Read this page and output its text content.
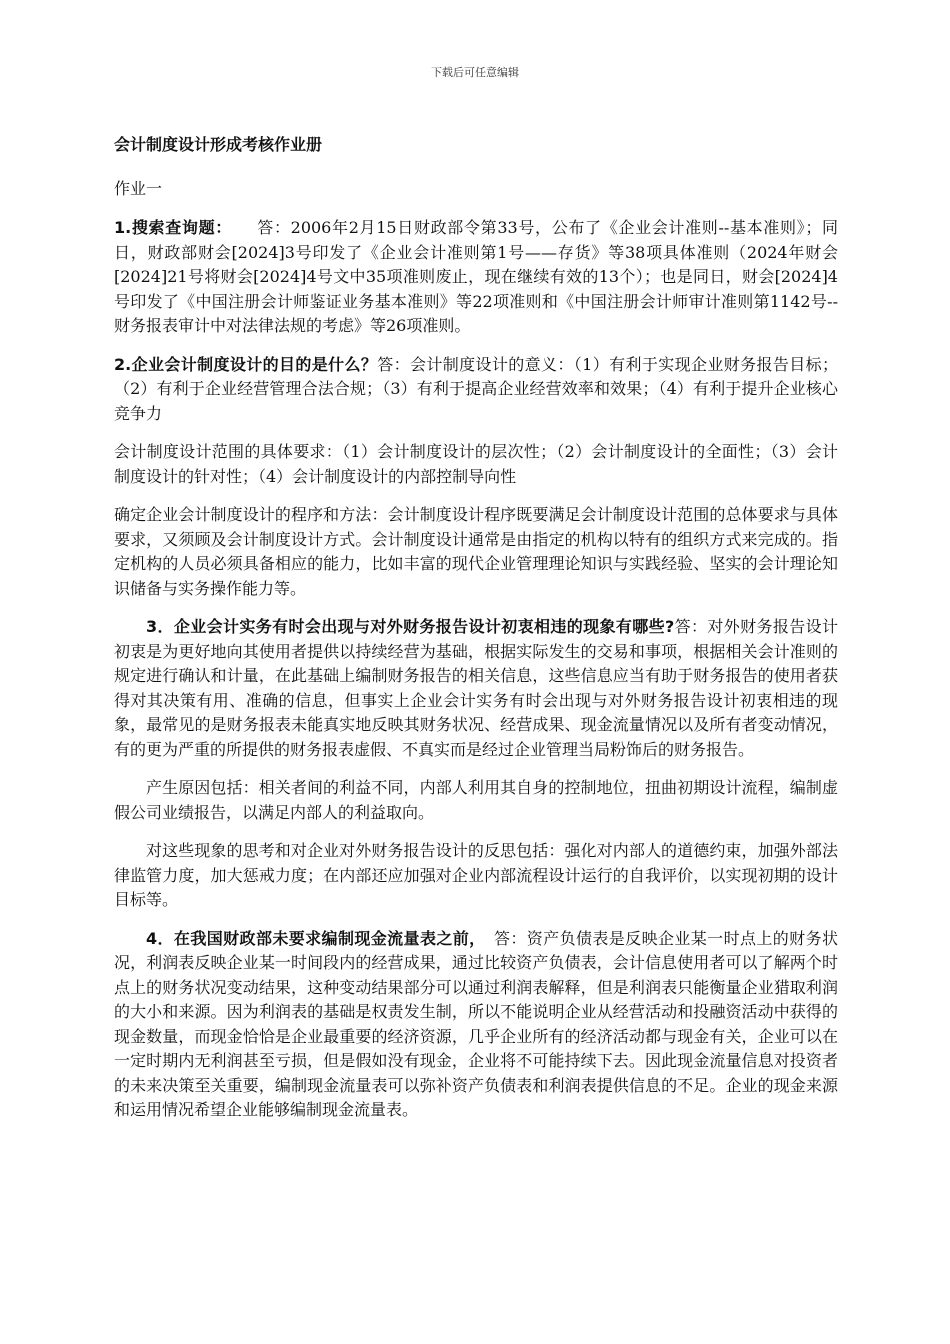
下载后可任意编辑
会计制度设计形成考核作业册
作业一

1.搜索查询题：　　答：2006年2月15日财政部令第33号，公布了《企业会计准则--基本准则》；同日，财政部财会[2024]3号印发了《企业会计准则第1号——存货》等38项具体准则（2024年财会[2024]21号将财会[2024]4号文中35项准则废止，现在继续有效的13个）；也是同日，财会[2024]4号印发了《中国注册会计师鉴证业务基本准则》等22项准则和《中国注册会计师审计准则第1142号--财务报表审计中对法律法规的考虑》等26项准则。

2.企业会计制度设计的目的是什么？答：会计制度设计的意义：（1）有利于实现企业财务报告目标；（2）有利于企业经营管理合法合规；（3）有利于提高企业经营效率和效果；（4）有利于提升企业核心竞争力

会计制度设计范围的具体要求：（1）会计制度设计的层次性；（2）会计制度设计的全面性；（3）会计制度设计的针对性；（4）会计制度设计的内部控制导向性

确定企业会计制度设计的程序和方法：会计制度设计程序既要满足会计制度设计范围的总体要求与具体要求，又须顾及会计制度设计方式。会计制度设计通常是由指定的机构以特有的组织方式来完成的。指定机构的人员必须具备相应的能力，比如丰富的现代企业管理理论知识与实践经验、坚实的会计理论知识储备与实务操作能力等。

3．企业会计实务有时会出现与对外财务报告设计初衷相违的现象有哪些?答：对外财务报告设计初衷是为更好地向其使用者提供以持续经营为基础，根据实际发生的交易和事项，根据相关会计准则的规定进行确认和计量，在此基础上编制财务报告的相关信息，这些信息应当有助于财务报告的使用者获得对其决策有用、准确的信息，但事实上企业会计实务有时会出现与对外财务报告设计初衷相违的现象，最常见的是财务报表未能真实地反映其财务状况、经营成果、现金流量情况以及所有者变动情况，有的更为严重的所提供的财务报表虚假、不真实而是经过企业管理当局粉饰后的财务报告。

产生原因包括：相关者间的利益不同，内部人利用其自身的控制地位，扭曲初期设计流程，编制虚假公司业绩报告，以满足内部人的利益取向。

对这些现象的思考和对企业对外财务报告设计的反思包括：强化对内部人的道德约束，加强外部法律监管力度，加大惩戒力度；在内部还应加强对企业内部流程设计运行的自我评价，以实现初期的设计目标等。

4．在我国财政部未要求编制现金流量表之前，　答：资产负债表是反映企业某一时点上的财务状况，利润表反映企业某一时间段内的经营成果，通过比较资产负债表，会计信息使用者可以了解两个时点上的财务状况变动结果，这种变动结果部分可以通过利润表解释，但是利润表只能衡量企业猎取利润的大小和来源。因为利润表的基础是权责发生制，所以不能说明企业从经营活动和投融资活动中获得的现金数量，而现金恰恰是企业最重要的经济资源，几乎企业所有的经济活动都与现金有关，企业可以在一定时期内无利润甚至亏损，但是假如没有现金，企业将不可能持续下去。因此现金流量信息对投资者的未来决策至关重要，编制现金流量表可以弥补资产负债表和利润表提供信息的不足。企业的现金来源和运用情况希望企业能够编制现金流量表。
